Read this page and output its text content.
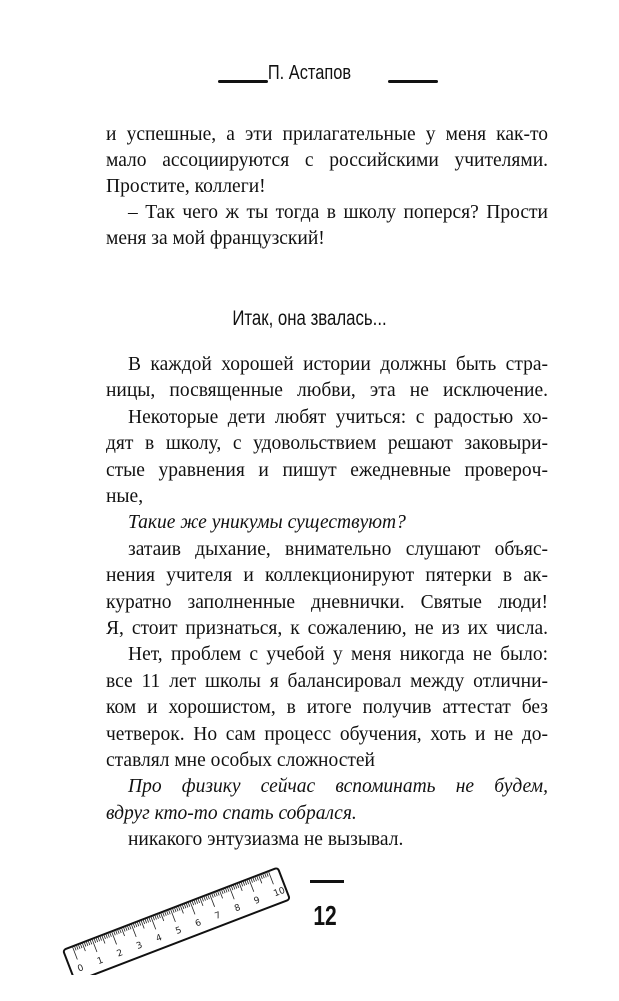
П. Астапов
и успешные, а эти прилагательные у меня как-то
мало ассоциируются с российскими учителями.
Простите, коллеги!
– Так чего ж ты тогда в школу поперся? Прости
меня за мой французский!
Итак, она звалась...
В каждой хорошей истории должны быть стра-
ницы, посвященные любви, эта не исключение.
Некоторые дети любят учиться: с радостью хо-
дят в школу, с удовольствием решают заковыри-
стые уравнения и пишут ежедневные проверoч-
ные,
Такие же уникумы существуют?
затаив дыхание, внимательно слушают объяс-
нения учителя и коллекционируют пятерки в ак-
куратно заполненные дневнички. Святые люди!
Я, стоит признаться, к сожалению, не из их числа.
Нет, проблем с учебой у меня никогда не было:
все 11 лет школы я балансировал между отлични-
ком и хорошистом, в итоге получив аттестат без
четверок. Но сам процесс обучения, хоть и не до-
ставлял мне особых сложностей
Про физику сейчас вспоминать не будем,
вдруг кто-то спать собрался.
никакого энтузиазма не вызывал.
0
1
2
3
4
5
6
7
8
9
10
12
